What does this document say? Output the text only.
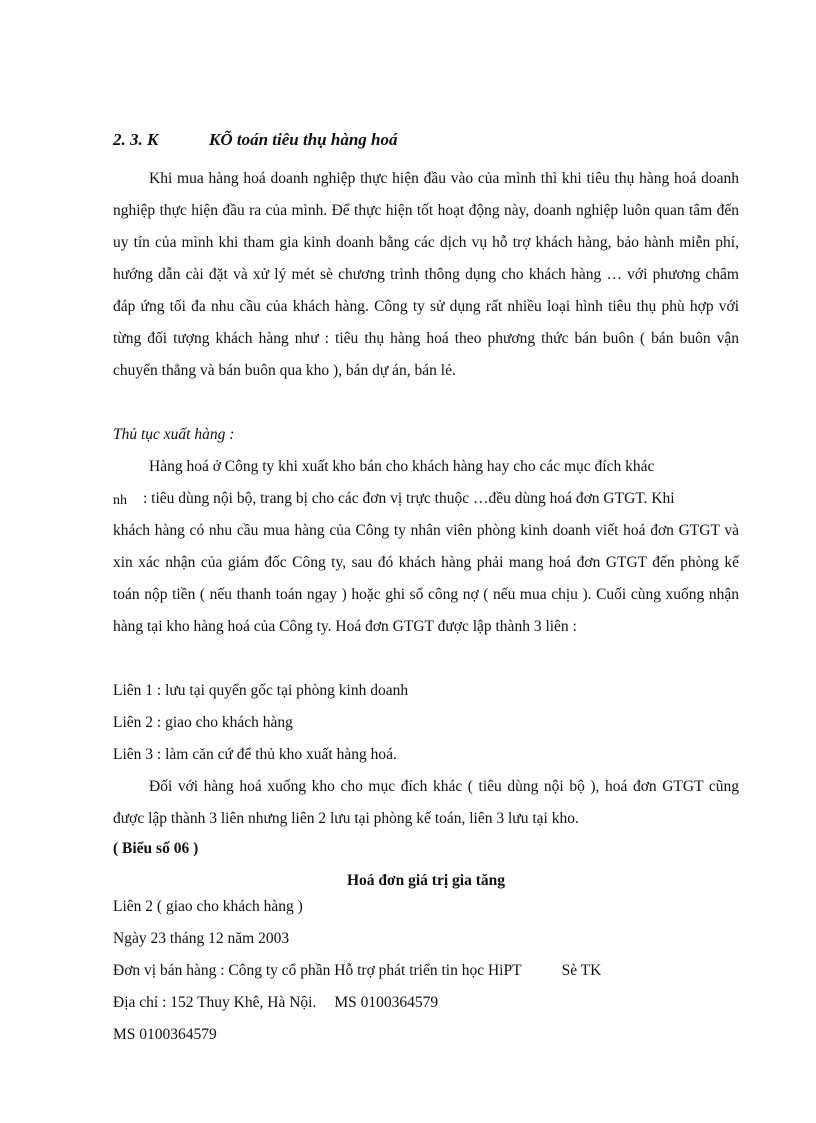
2. 3. K	KÕ toán tiêu thụ hàng hoá
Khi mua hàng hoá doanh nghiệp thực hiện đầu vào của mình thì khi tiêu thụ hàng hoá doanh nghiệp thực hiện đầu ra của mình. Để thực hiện tốt hoạt động này, doanh nghiệp luôn quan tâm đến uy tín của mình khi tham gia kinh doanh bằng các dịch vụ hỗ trợ khách hàng, bảo hành miễn phí, hướng dẫn cài đặt và xử lý mét sè chương trình thông dụng cho khách hàng … với phương châm đáp ứng tối đa nhu cầu của khách hàng. Công ty sử dụng rất nhiều loại hình tiêu thụ phù hợp với từng đối tượng khách hàng như : tiêu thụ hàng hoá theo phương thức bán buôn ( bán buôn vận chuyển thẳng và bán buôn qua kho ), bán dự án, bán lẻ.
Thủ tục xuất hàng :
Hàng hoá ở Công ty khi xuất kho bán cho khách hàng hay cho các mục đích khác
nh : tiêu dùng nội bộ, trang bị cho các đơn vị trực thuộc …đều dùng hoá đơn GTGT. Khi
khách hàng có nhu cầu mua hàng của Công ty nhân viên phòng kinh doanh viết hoá đơn GTGT và xin xác nhận của giám đốc Công ty, sau đó khách hàng phải mang hoá đơn GTGT đến phòng kế toán nộp tiền ( nếu thanh toán ngay ) hoặc ghi sổ công nợ ( nếu mua chịu ). Cuối cùng xuống nhận hàng tại kho hàng hoá của Công ty. Hoá đơn GTGT được lập thành 3 liên :
Liên 1 : lưu tại quyển gốc tại phòng kinh doanh
Liên 2 : giao cho khách hàng
Liên 3 : làm căn cứ để thủ kho xuất hàng hoá.
Đối với hàng hoá xuống kho cho mục đích khác ( tiêu dùng nội bộ ), hoá đơn GTGT cũng được lập thành 3 liên nhưng liên 2 lưu tại phòng kế toán, liên 3 lưu tại kho.
( Biểu số 06 )
Hoá đơn giá trị gia tăng
Liên 2 ( giao cho khách hàng )
Ngày 23 tháng 12 năm 2003
Đơn vị bán hàng : Công ty cổ phần Hỗ trợ phát triển tin học HiPT	Sè TK
Địa chỉ : 152 Thuy Khê, Hà Nội. MS 0100364579
MS 0100364579
